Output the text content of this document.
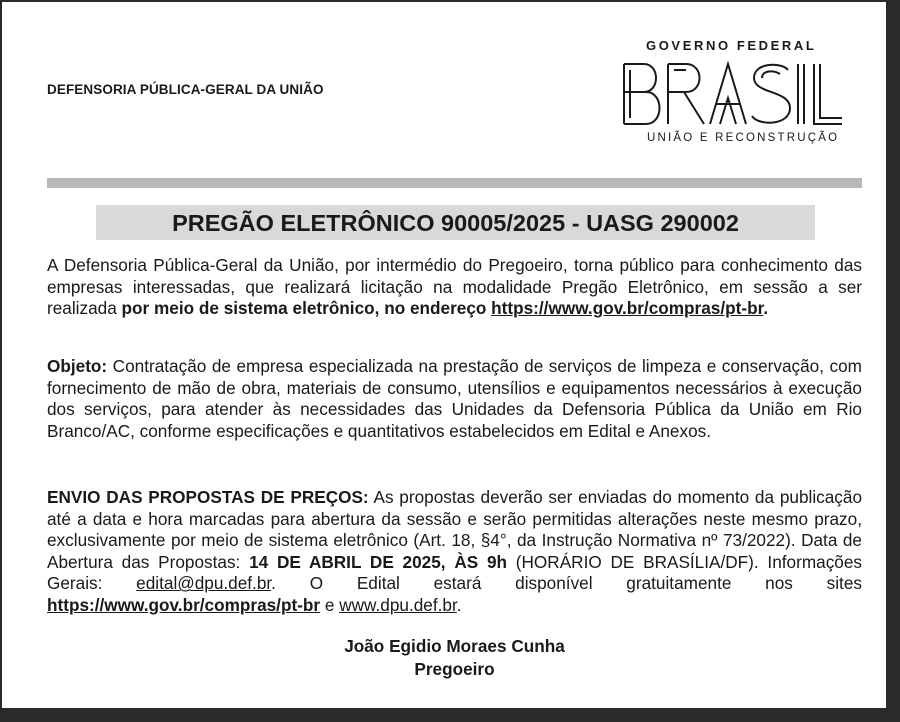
DEFENSORIA PÚBLICA-GERAL DA UNIÃO
GOVERNO FEDERAL
UNIÃO E RECONSTRUÇÃO
PREGÃO ELETRÔNICO 90005/2025 - UASG 290002
A Defensoria Pública-Geral da União, por intermédio do Pregoeiro, torna público para conhecimento das empresas interessadas, que realizará licitação na modalidade Pregão Eletrônico, em sessão a ser realizada por meio de sistema eletrônico, no endereço https://www.gov.br/compras/pt-br.
Objeto: Contratação de empresa especializada na prestação de serviços de limpeza e conservação, com fornecimento de mão de obra, materiais de consumo, utensílios e equipamentos necessários à execução dos serviços, para atender às necessidades das Unidades da Defensoria Pública da União em Rio Branco/AC, conforme especificações e quantitativos estabelecidos em Edital e Anexos.
ENVIO DAS PROPOSTAS DE PREÇOS: As propostas deverão ser enviadas do momento da publicação até a data e hora marcadas para abertura da sessão e serão permitidas alterações neste mesmo prazo, exclusivamente por meio de sistema eletrônico (Art. 18, §4°, da Instrução Normativa nº 73/2022). Data de Abertura das Propostas: 14 DE ABRIL DE 2025, ÀS 9h (HORÁRIO DE BRASÍLIA/DF). Informações Gerais: edital@dpu.def.br. O Edital estará disponível gratuitamente nos sites https://www.gov.br/compras/pt-br e www.dpu.def.br.
João Egidio Moraes Cunha
Pregoeiro
